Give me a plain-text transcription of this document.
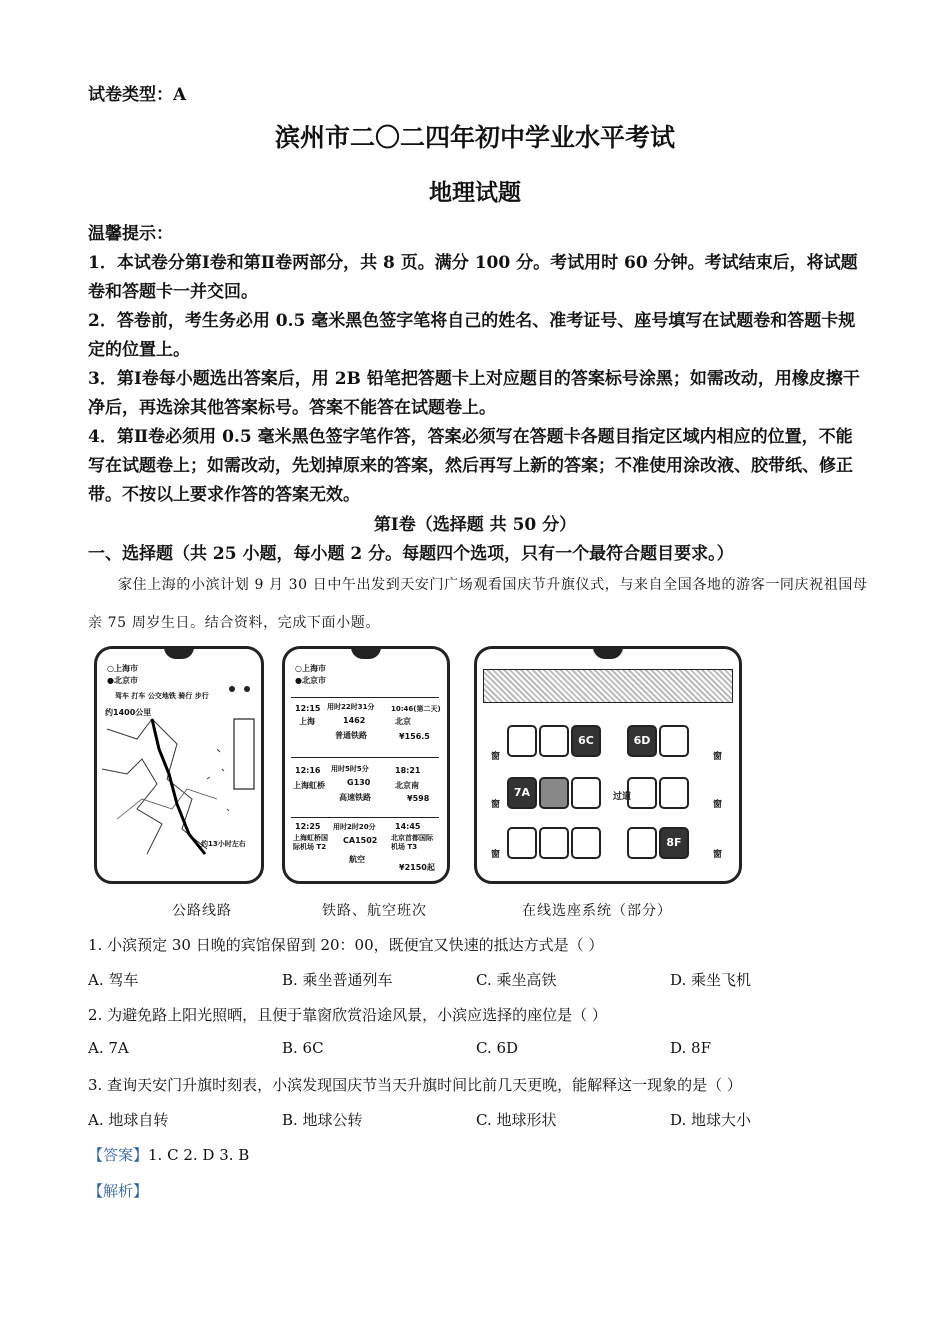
试卷类型：A
滨州市二〇二四年初中学业水平考试
地理试题

温馨提示：

1．本试卷分第Ⅰ卷和第Ⅱ卷两部分，共 8 页。满分 100 分。考试用时 60 分钟。考试结束后，将试题卷和答题卡一并交回。

2．答卷前，考生务必用 0.5 毫米黑色签字笔将自己的姓名、准考证号、座号填写在试题卷和答题卡规定的位置上。

3．第Ⅰ卷每小题选出答案后，用 2B 铅笔把答题卡上对应题目的答案标号涂黑；如需改动，用橡皮擦干净后，再选涂其他答案标号。答案不能答在试题卷上。

4．第Ⅱ卷必须用 0.5 毫米黑色签字笔作答，答案必须写在答题卡各题目指定区域内相应的位置，不能写在试题卷上；如需改动，先划掉原来的答案，然后再写上新的答案；不准使用涂改液、胶带纸、修正带。不按以上要求作答的答案无效。

第Ⅰ卷（选择题 共 50 分）
一、选择题（共 25 小题，每小题 2 分。每题四个选项，只有一个最符合题目要求。）

家住上海的小滨计划 9 月 30 日中午出发到天安门广场观看国庆节升旗仪式，与来自全国各地的游客一同庆祝祖国母亲 75 周岁生日。结合资料，完成下面小题。

○上海市
●北京市
驾车 打车 公交地铁 骑行 步行
约1400公里
约13小时左右
○上海市
●北京市
12:15 用时22时31分 10:46(第二天)
上海	1462	北京
普通铁路	¥156.5
12:16 用时5时5分	18:21
上海虹桥	G130	北京南
高速铁路	¥598
12:25 用时2时20分 14:45
上海虹桥国际机场 T2
CA1502 北京首都国际机场 T3
航空
¥2150起
窗
窗
窗
窗
窗
窗
过道
6C	6D
7A
8F
公路线路	铁路、航空班次	在线选座系统（部分）
1. 小滨预定 30 日晚的宾馆保留到 20：00，既便宜又快速的抵达方式是（ ）
A. 驾车	B. 乘坐普通列车	C. 乘坐高铁	D. 乘坐飞机
2. 为避免路上阳光照晒，且便于靠窗欣赏沿途风景，小滨应选择的座位是（ ）
A. 7A	B. 6C	C. 6D	D. 8F
3. 查询天安门升旗时刻表，小滨发现国庆节当天升旗时间比前几天更晚，能解释这一现象的是（ ）
A. 地球自转	B. 地球公转	C. 地球形状	D. 地球大小
【答案】1. C 2. D 3. B
【解析】
